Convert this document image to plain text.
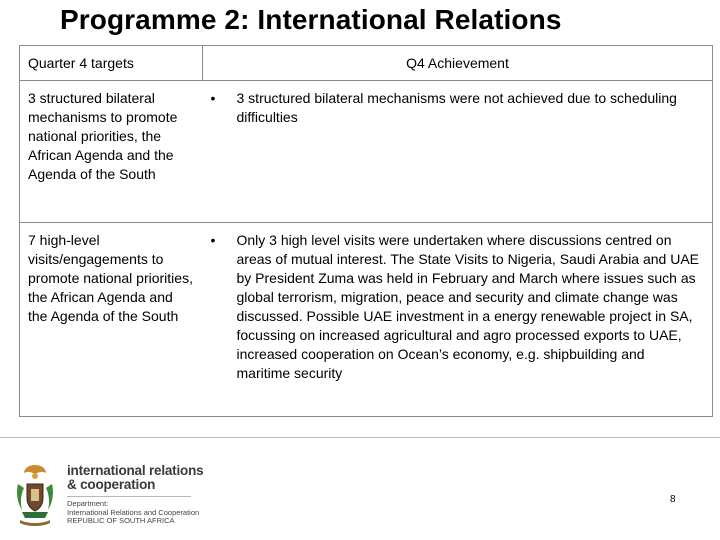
Programme 2: International Relations
Quarter 4 targets	Q4 Achievement
3 structured bilateral mechanisms to promote national priorities, the African Agenda and the Agenda of the South	• 3 structured bilateral mechanisms were not achieved due to scheduling difficulties

7 high-level visits/engagements to promote national priorities, the African Agenda and the Agenda of the South	• Only 3 high level visits were undertaken where discussions centred on areas of mutual interest. The State Visits to Nigeria, Saudi Arabia and UAE by President Zuma was held in February and March where issues such as global terrorism, migration, peace and security and climate change was discussed. Possible UAE investment in a energy renewable project in SA, focussing on increased agricultural and agro processed exports to UAE, increased cooperation on Ocean’s economy, e.g. shipbuilding and maritime security
international relations
& cooperation
Department:
International Relations and Cooperation
REPUBLIC OF SOUTH AFRICA
8
